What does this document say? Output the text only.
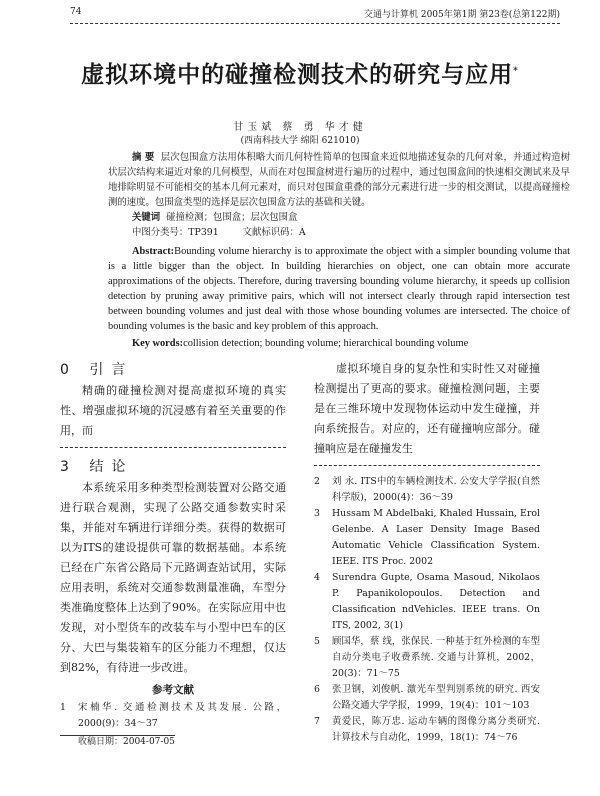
74	交通与计算机 2005年第1期 第23卷(总第122期)
虚拟环境中的碰撞检测技术的研究与应用*
甘玉斌 蔡 勇 华才健
(西南科技大学 绵阳 621010)
摘 要 层次包围盒方法用体积略大而几何特性简单的包围盒来近似地描述复杂的几何对象，并通过构造树状层次结构来逼近对象的几何模型，从而在对包围盒树进行遍历的过程中，通过包围盒间的快速相交测试来及早地排除明显不可能相交的基本几何元素对，而只对包围盒重叠的部分元素进行进一步的相交测试，以提高碰撞检测的速度。包围盒类型的选择是层次包围盒方法的基础和关键。
关键词 碰撞检测；包围盒；层次包围盒
中图分类号：TP391	文献标识码：A
Abstract:Bounding volume hierarchy is to approximate the object with a simpler bounding volume that is a little bigger than the object. In building hierarchies on object, one can obtain more accurate approximations of the objects. Therefore, during traversing bounding volume hierarchy, it speeds up collision detection by pruning away primitive pairs, which will not intersect clearly through rapid intersection test between bounding volumes and just deal with those whose bounding volumes are intersected. The choice of bounding volumes is the basic and key problem of this approach.
Key words:collision detection; bounding volume; hierarchical bounding volume
0 引言
精确的碰撞检测对提高虚拟环境的真实性、增强虚拟环境的沉浸感有着至关重要的作用，而
3 结论
本系统采用多种类型检测装置对公路交通进行联合观测，实现了公路交通参数实时采集，并能对车辆进行详细分类。获得的数据可以为ITS的建设提供可靠的数据基础。本系统已经在广东省公路局下元路调查站试用，实际应用表明，系统对交通参数测量准确，车型分类准确度整体上达到了90%。在实际应用中也发现，对小型货车的改装车与小型中巴车的区分、大巴与集装箱车的区分能力不理想，仅达到82%，有待进一步改进。
参考文献
1 宋楠华. 交通检测技术及其发展. 公路，2000(9)：34～37
收稿日期：2004-07-05
虚拟环境自身的复杂性和实时性又对碰撞检测提出了更高的要求。碰撞检测问题，主要是在三维环境中发现物体运动中发生碰撞，并向系统报告。对应的，还有碰撞响应部分。碰撞响应是在碰撞发生
2 刘 永. ITS中的车辆检测技术. 公安大学学报(自然科学版)，2000(4)：36～39
3 Hussam M Abdelbaki, Khaled Hussain, Erol Gelenbe. A Laser Density Image Based Automatic Vehicle Classification System. IEEE. ITS Proc. 2002
4 Surendra Gupte, Osama Masoud, Nikolaos P. Papanikolopoulos. Detection and Classification ndVehicles. IEEE trans. On ITS, 2002, 3(1)
5 顾国华，蔡 线，张保民. 一种基于红外检测的车型自动分类电子收费系统. 交通与计算机，2002，20(3)：71～75
6 张卫钢，刘俊帆. 激光车型判别系统的研究. 西安公路交通大学学报，1999，19(4)：101～103
7 黄爱民，陈万忠. 运动车辆的图像分离分类研究. 计算技术与自动化，1999，18(1)：74～76
